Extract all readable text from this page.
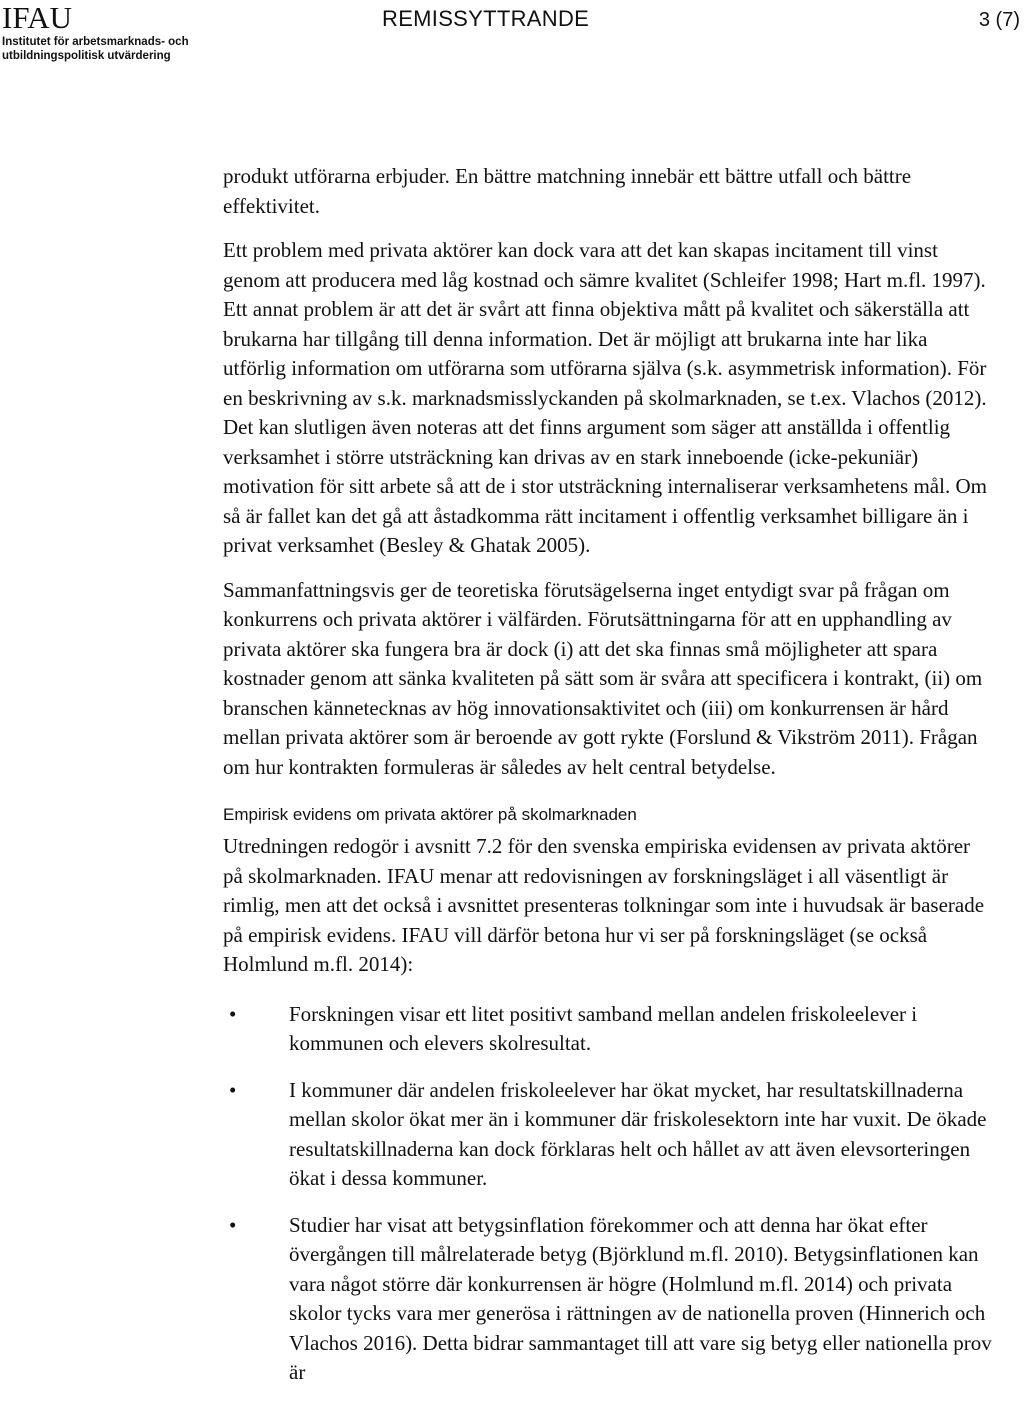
IFAU
Institutet för arbetsmarknads- och
utbildningspolitisk utvärdering
REMISSYTTRANDE	3 (7)

produkt utförarna erbjuder. En bättre matchning innebär ett bättre utfall och bättre effektivitet.

Ett problem med privata aktörer kan dock vara att det kan skapas incitament till vinst genom att producera med låg kostnad och sämre kvalitet (Schleifer 1998; Hart m.fl. 1997). Ett annat problem är att det är svårt att finna objektiva mått på kvalitet och säkerställa att brukarna har tillgång till denna information. Det är möjligt att brukarna inte har lika utförlig information om utförarna som utförarna själva (s.k. asymmetrisk information). För en beskrivning av s.k. marknadsmisslyckanden på skolmarknaden, se t.ex. Vlachos (2012). Det kan slutligen även noteras att det finns argument som säger att anställda i offentlig verksamhet i större utsträckning kan drivas av en stark inneboende (icke-pekuniär) motivation för sitt arbete så att de i stor utsträckning internaliserar verksamhetens mål. Om så är fallet kan det gå att åstadkomma rätt incitament i offentlig verksamhet billigare än i privat verksamhet (Besley & Ghatak 2005).

Sammanfattningsvis ger de teoretiska förutsägelserna inget entydigt svar på frågan om konkurrens och privata aktörer i välfärden. Förutsättningarna för att en upphandling av privata aktörer ska fungera bra är dock (i) att det ska finnas små möjligheter att spara kostnader genom att sänka kvaliteten på sätt som är svåra att specificera i kontrakt, (ii) om branschen kännetecknas av hög innovationsaktivitet och (iii) om konkurrensen är hård mellan privata aktörer som är beroende av gott rykte (Forslund & Vikström 2011). Frågan om hur kontrakten formuleras är således av helt central betydelse.

Empirisk evidens om privata aktörer på skolmarknaden

Utredningen redogör i avsnitt 7.2 för den svenska empiriska evidensen av privata aktörer på skolmarknaden. IFAU menar att redovisningen av forskningsläget i all väsentligt är rimlig, men att det också i avsnittet presenteras tolkningar som inte i huvudsak är baserade på empirisk evidens. IFAU vill därför betona hur vi ser på forskningsläget (se också Holmlund m.fl. 2014):

•	Forskningen visar ett litet positivt samband mellan andelen friskoleelever i kommunen och elevers skolresultat.
•	I kommuner där andelen friskoleelever har ökat mycket, har resultatskillnaderna mellan skolor ökat mer än i kommuner där friskolesektorn inte har vuxit. De ökade resultatskillnaderna kan dock förklaras helt och hållet av att även elevsorteringen ökat i dessa kommuner.
•	Studier har visat att betygsinflation förekommer och att denna har ökat efter övergången till målrelaterade betyg (Björklund m.fl. 2010). Betygsinflationen kan vara något större där konkurrensen är högre (Holmlund m.fl. 2014) och privata skolor tycks vara mer generösa i rättningen av de nationella proven (Hinnerich och Vlachos 2016). Detta bidrar sammantaget till att vare sig betyg eller nationella prov är
